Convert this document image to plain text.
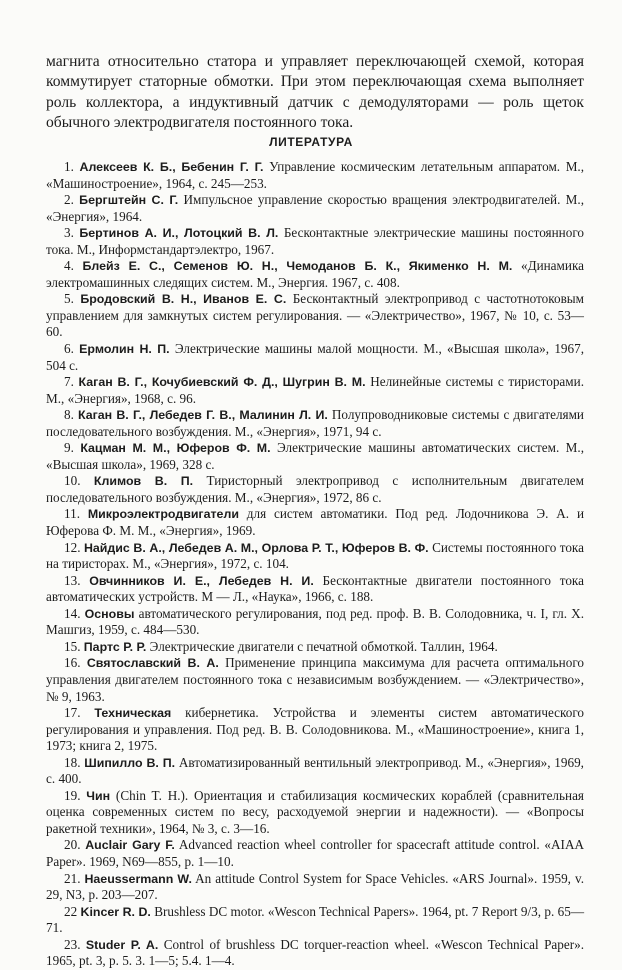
магнита относительно статора и управляет переключающей схемой, которая коммутирует статорные обмотки. При этом переключающая схема выполняет роль коллектора, а индуктивный датчик с демодуляторами — роль щеток обычного электродвигателя постоянного тока.

ЛИТЕРАТУРА

1. Алексеев К. Б., Бебенин Г. Г. Управление космическим летательным аппаратом. М., «Машиностроение», 1964, с. 245—253.

2. Бергштейн С. Г. Импульсное управление скоростью вращения электродвигателей. М., «Энергия», 1964.

3. Бертинов А. И., Лотоцкий В. Л. Бесконтактные электрические машины постоянного тока. М., Информстандартэлектро, 1967.

4. Блейз Е. С., Семенов Ю. Н., Чемоданов Б. К., Якименко Н. М. «Динамика электромашинных следящих систем. М., Энергия. 1967, с. 408.

5. Бродовский В. Н., Иванов Е. С. Бесконтактный электропривод с частотнотоковым управлением для замкнутых систем регулирования. — «Электричество», 1967, № 10, с. 53—60.

6. Ермолин Н. П. Электрические машины малой мощности. М., «Высшая школа», 1967, 504 с.

7. Каган В. Г., Кочубиевский Ф. Д., Шугрин В. М. Нелинейные системы с тиристорами. М., «Энергия», 1968, с. 96.

8. Каган В. Г., Лебедев Г. В., Малинин Л. И. Полупроводниковые системы с двигателями последовательного возбуждения. М., «Энергия», 1971, 94 с.

9. Кацман М. М., Юферов Ф. М. Электрические машины автоматических систем. М., «Высшая школа», 1969, 328 с.

10. Климов В. П. Тиристорный электропривод с исполнительным двигателем последовательного возбуждения. М., «Энергия», 1972, 86 с.

11. Микроэлектродвигатели для систем автоматики. Под ред. Лодочникова Э. А. и Юферова Ф. М. М., «Энергия», 1969.

12. Найдис В. А., Лебедев А. М., Орлова Р. Т., Юферов В. Ф. Системы постоянного тока на тиристорах. М., «Энергия», 1972, с. 104.

13. Овчинников И. Е., Лебедев Н. И. Бесконтактные двигатели постоянного тока автоматических устройств. М — Л., «Наука», 1966, с. 188.

14. Основы автоматического регулирования, под ред. проф. В. В. Солодовника, ч. I, гл. Х. Машгиз, 1959, с. 484—530.

15. Партс Р. Р. Электрические двигатели с печатной обмоткой. Таллин, 1964.

16. Святославский В. А. Применение принципа максимума для расчета оптимального управления двигателем постоянного тока с независимым возбуждением. — «Электричество», № 9, 1963.

17. Техническая кибернетика. Устройства и элементы систем автоматического регулирования и управления. Под ред. В. В. Солодовникова. М., «Машиностроение», книга 1, 1973; книга 2, 1975.

18. Шипилло В. П. Автоматизированный вентильный электропривод. М., «Энергия», 1969, с. 400.

19. Чин (Chin T. H.). Ориентация и стабилизация космических кораблей (сравнительная оценка современных систем по весу, расходуемой энергии и надежности). — «Вопросы ракетной техники», 1964, № 3, с. 3—16.

20. Auclair Gary F. Advanced reaction wheel controller for spacecraft attitude control. «AIAA Paper». 1969, N69—855, p. 1—10.

21. Haeussermann W. An attitude Control System for Space Vehicles. «ARS Journal». 1959, v. 29, N3, p. 203—207.

22 Kincer R. D. Brushless DC motor. «Wescon Technical Papers». 1964, pt. 7 Report 9/3, p. 65—71.

23. Studer P. A. Control of brushless DC torquer-reaction wheel. «Wescon Technical Paper». 1965, pt. 3, p. 5. 3. 1—5; 5.4. 1—4.
